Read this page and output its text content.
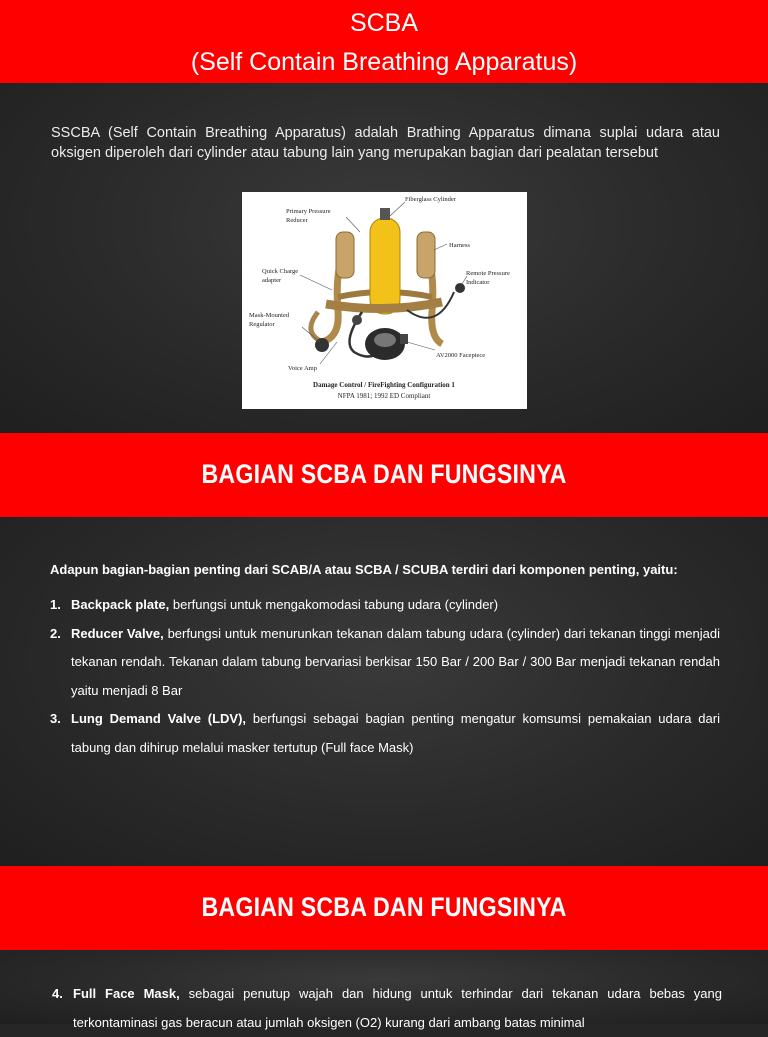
SCBA
(Self Contain Breathing Apparatus)
SSCBA (Self Contain Breathing Apparatus) adalah Brathing Apparatus dimana suplai udara atau oksigen diperoleh dari cylinder atau tabung lain yang merupakan bagian dari pealatan tersebut
Fiberglass Cylinder
Primary Pressure
Reducer
Harness
Quick Charge
adapter
Remote Pressure
Indicator
Mask-Mounted
Regulator
AV2000 Facepiece
Voice Amp
Damage Control / FireFighting Configuration 1
NFPA 1981; 1992 ED Compliant
BAGIAN SCBA DAN FUNGSINYA
Adapun bagian-bagian penting dari SCAB/A atau SCBA / SCUBA terdiri dari komponen penting, yaitu:
1. Backpack plate, berfungsi untuk mengakomodasi tabung udara (cylinder)
2. Reducer Valve, berfungsi untuk menurunkan tekanan dalam tabung udara (cylinder) dari tekanan tinggi menjadi tekanan rendah. Tekanan dalam tabung bervariasi berkisar 150 Bar / 200 Bar / 300 Bar menjadi tekanan rendah yaitu menjadi 8 Bar
3. Lung Demand Valve (LDV), berfungsi sebagai bagian penting mengatur komsumsi pemakaian udara dari tabung dan dihirup melalui masker tertutup (Full face Mask)
BAGIAN SCBA DAN FUNGSINYA
4. Full Face Mask, sebagai penutup wajah dan hidung untuk terhindar dari tekanan udara bebas yang terkontaminasi gas beracun atau jumlah oksigen (O2) kurang dari ambang batas minimal
